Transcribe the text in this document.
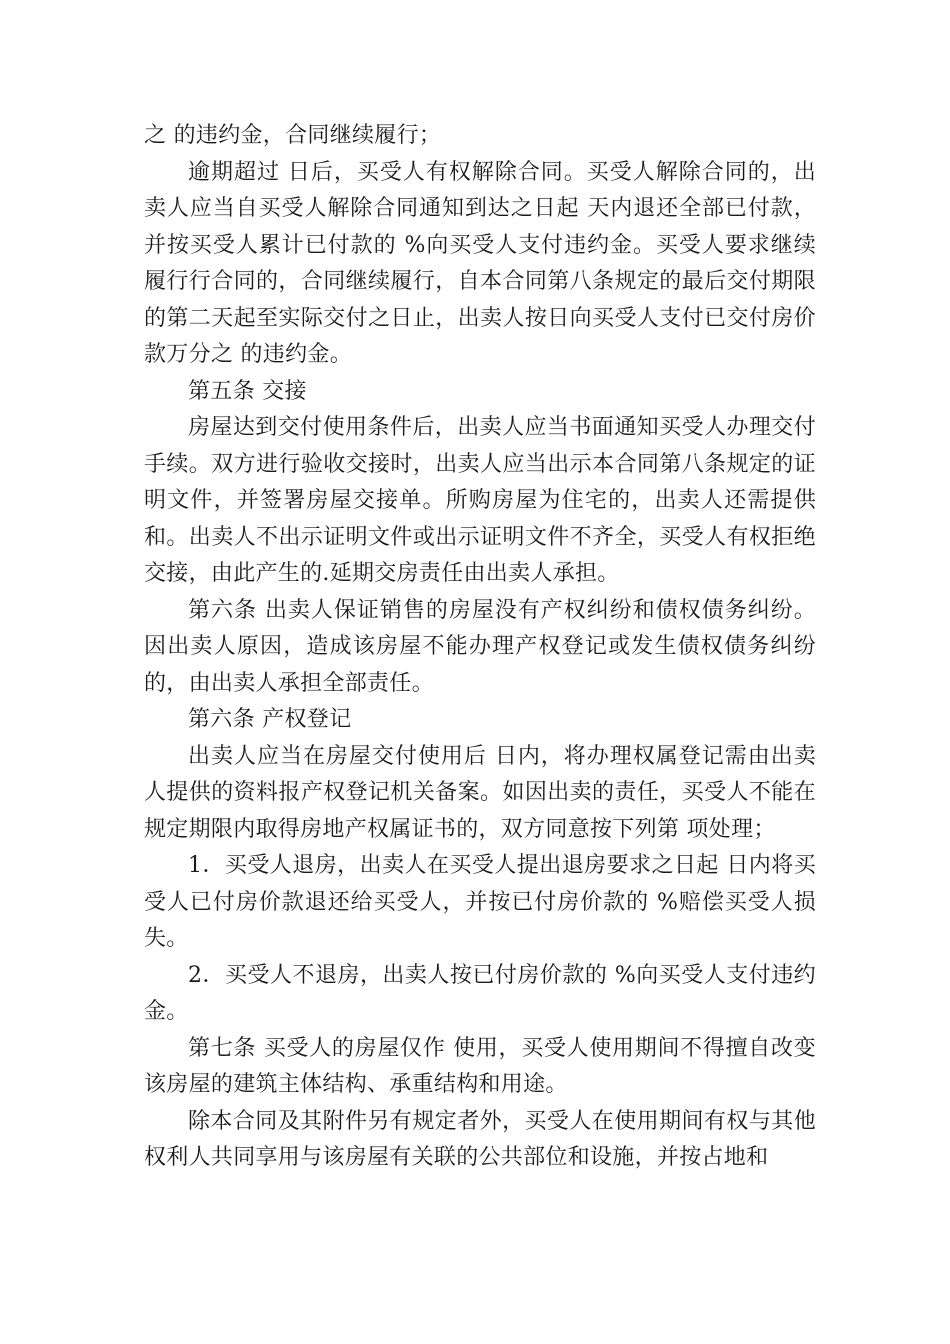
之 的违约金，合同继续履行；

逾期超过 日后，买受人有权解除合同。买受人解除合同的，出卖人应当自买受人解除合同通知到达之日起 天内退还全部已付款，并按买受人累计已付款的 %向买受人支付违约金。买受人要求继续履行行合同的，合同继续履行，自本合同第八条规定的最后交付期限的第二天起至实际交付之日止，出卖人按日向买受人支付已交付房价款万分之 的违约金。

第五条 交接

房屋达到交付使用条件后，出卖人应当书面通知买受人办理交付手续。双方进行验收交接时，出卖人应当出示本合同第八条规定的证明文件，并签署房屋交接单。所购房屋为住宅的，出卖人还需提供和。出卖人不出示证明文件或出示证明文件不齐全，买受人有权拒绝交接，由此产生的.延期交房责任由出卖人承担。

第六条 出卖人保证销售的房屋没有产权纠纷和债权债务纠纷。因出卖人原因，造成该房屋不能办理产权登记或发生债权债务纠纷的，由出卖人承担全部责任。

第六条 产权登记

出卖人应当在房屋交付使用后 日内，将办理权属登记需由出卖人提供的资料报产权登记机关备案。如因出卖的责任，买受人不能在规定期限内取得房地产权属证书的，双方同意按下列第 项处理；

1．买受人退房，出卖人在买受人提出退房要求之日起 日内将买受人已付房价款退还给买受人，并按已付房价款的 %赔偿买受人损失。

2．买受人不退房，出卖人按已付房价款的 %向买受人支付违约金。

第七条 买受人的房屋仅作 使用，买受人使用期间不得擅自改变该房屋的建筑主体结构、承重结构和用途。

除本合同及其附件另有规定者外，买受人在使用期间有权与其他权利人共同享用与该房屋有关联的公共部位和设施，并按占地和
